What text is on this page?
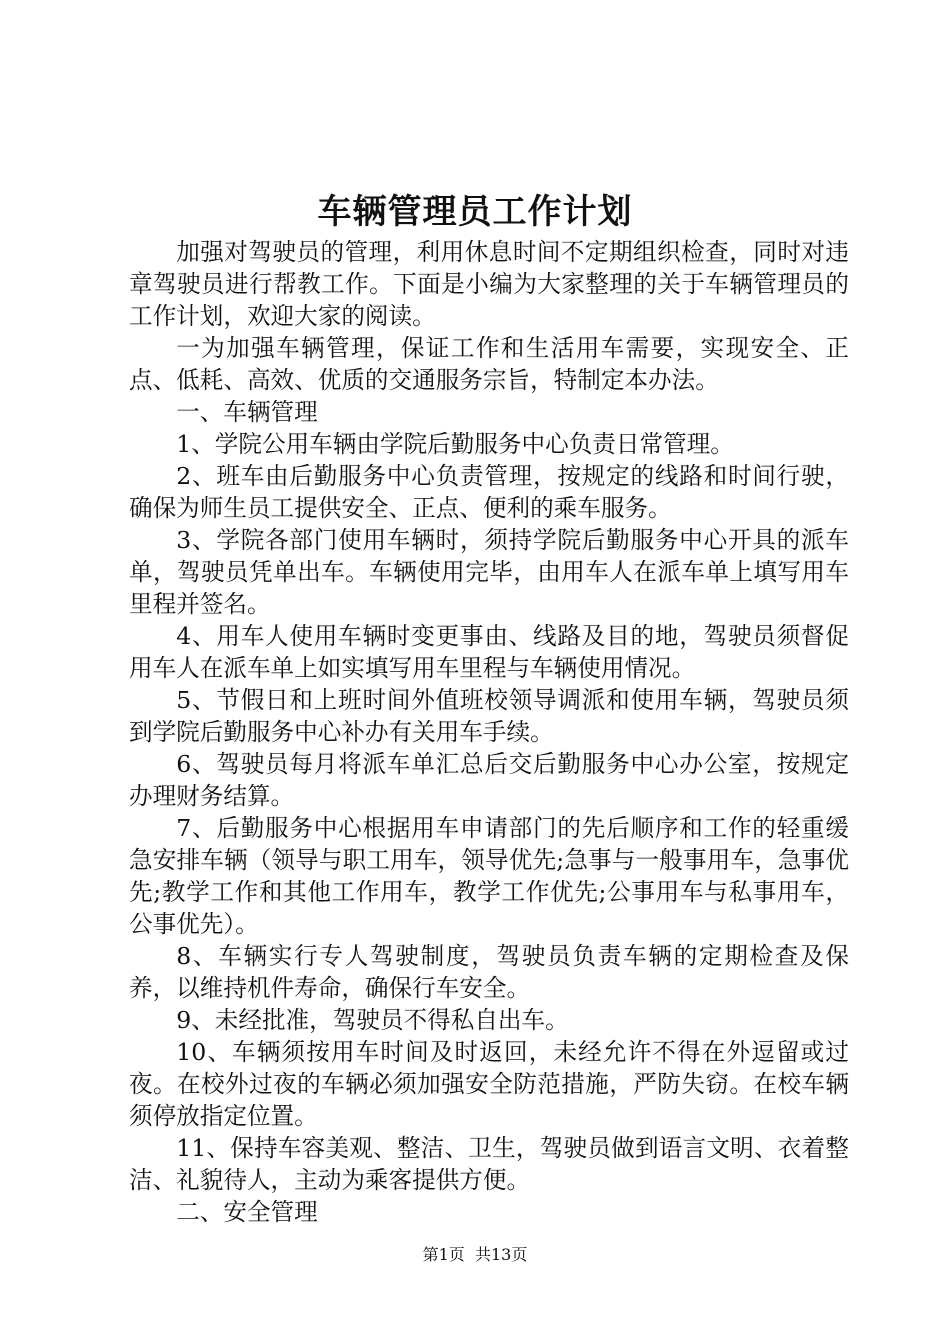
车辆管理员工作计划

加强对驾驶员的管理，利用休息时间不定期组织检查，同时对违章驾驶员进行帮教工作。下面是小编为大家整理的关于车辆管理员的工作计划，欢迎大家的阅读。

一为加强车辆管理，保证工作和生活用车需要，实现安全、正点、低耗、高效、优质的交通服务宗旨，特制定本办法。

一、车辆管理

1、学院公用车辆由学院后勤服务中心负责日常管理。

2、班车由后勤服务中心负责管理，按规定的线路和时间行驶，确保为师生员工提供安全、正点、便利的乘车服务。

3、学院各部门使用车辆时，须持学院后勤服务中心开具的派车单，驾驶员凭单出车。车辆使用完毕，由用车人在派车单上填写用车里程并签名。

4、用车人使用车辆时变更事由、线路及目的地，驾驶员须督促用车人在派车单上如实填写用车里程与车辆使用情况。

5、节假日和上班时间外值班校领导调派和使用车辆，驾驶员须到学院后勤服务中心补办有关用车手续。

6、驾驶员每月将派车单汇总后交后勤服务中心办公室，按规定办理财务结算。

7、后勤服务中心根据用车申请部门的先后顺序和工作的轻重缓急安排车辆（领导与职工用车，领导优先;急事与一般事用车，急事优先;教学工作和其他工作用车，教学工作优先;公事用车与私事用车，公事优先）。

8、车辆实行专人驾驶制度，驾驶员负责车辆的定期检查及保养，以维持机件寿命，确保行车安全。

9、未经批准，驾驶员不得私自出车。

10、车辆须按用车时间及时返回，未经允许不得在外逗留或过夜。在校外过夜的车辆必须加强安全防范措施，严防失窃。在校车辆须停放指定位置。

11、保持车容美观、整洁、卫生，驾驶员做到语言文明、衣着整洁、礼貌待人，主动为乘客提供方便。

二、安全管理

第1页 共13页
